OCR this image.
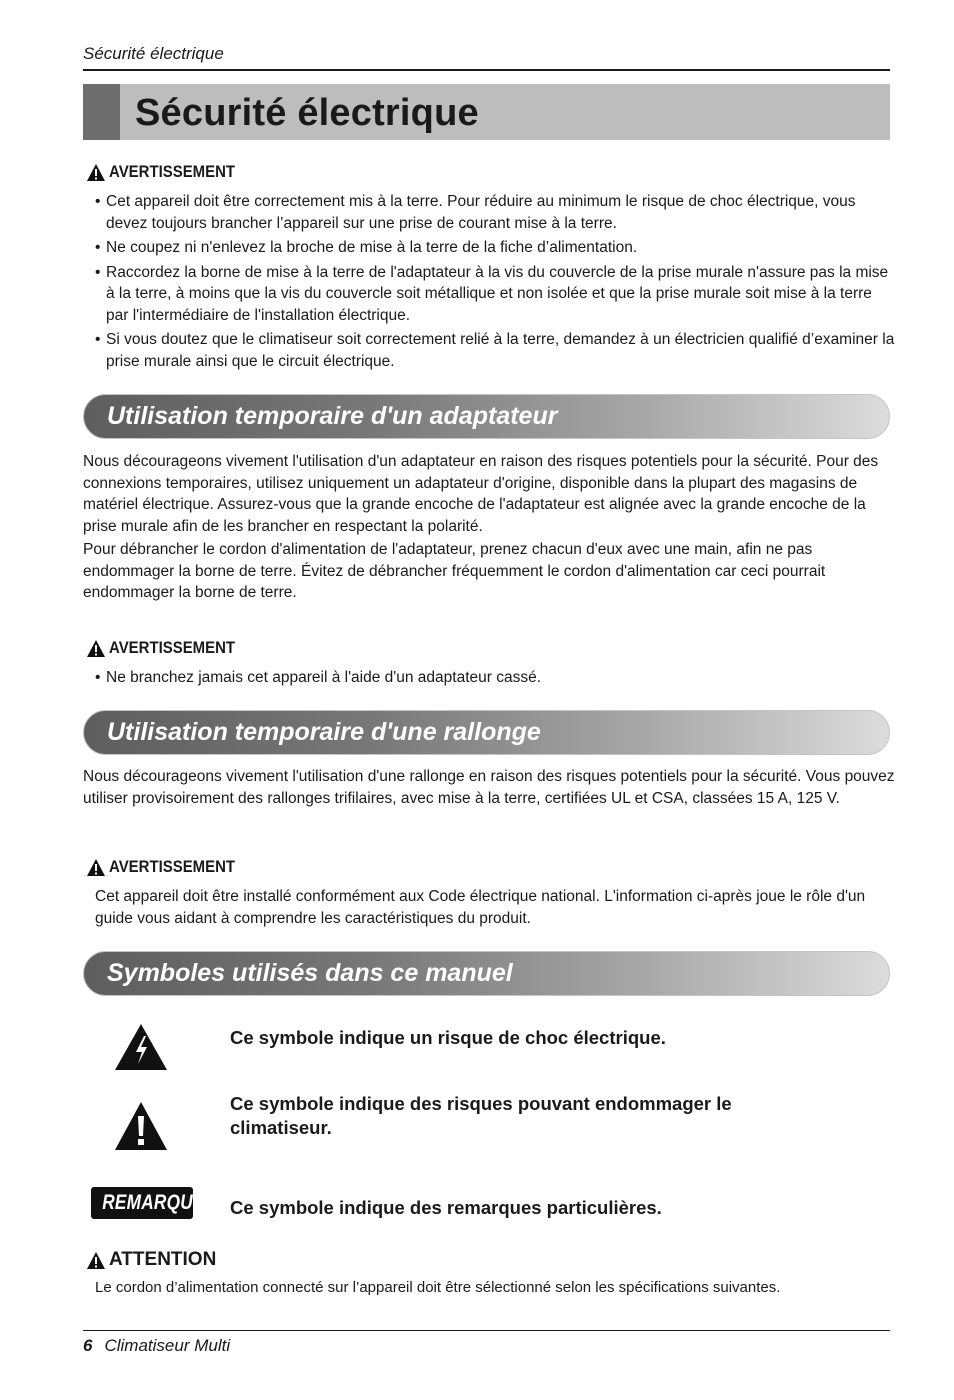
Sécurité électrique
Sécurité électrique
AVERTISSEMENT
• Cet appareil doit être correctement mis à la terre. Pour réduire au minimum le risque de choc électrique, vous devez toujours brancher l’appareil sur une prise de courant mise à la terre.
• Ne coupez ni n'enlevez la broche de mise à la terre de la fiche d’alimentation.
• Raccordez la borne de mise à la terre de l'adaptateur à la vis du couvercle de la prise murale n'assure pas la mise à la terre, à moins que la vis du couvercle soit métallique et non isolée et que la prise murale soit mise à la terre par l'intermédiaire de l'installation électrique.
• Si vous doutez que le climatiseur soit correctement relié à la terre, demandez à un électricien qualifié d’examiner la prise murale ainsi que le circuit électrique.
Utilisation temporaire d'un adaptateur

Nous décourageons vivement l'utilisation d'un adaptateur en raison des risques potentiels pour la sécurité. Pour des connexions temporaires, utilisez uniquement un adaptateur d'origine, disponible dans la plupart des magasins de matériel électrique. Assurez-vous que la grande encoche de l'adaptateur est alignée avec la grande encoche de la prise murale afin de les brancher en respectant la polarité.

Pour débrancher le cordon d'alimentation de l'adaptateur, prenez chacun d'eux avec une main, afin ne pas endommager la borne de terre. Évitez de débrancher fréquemment le cordon d'alimentation car ceci pourrait endommager la borne de terre.

AVERTISSEMENT
• Ne branchez jamais cet appareil à l'aide d'un adaptateur cassé.
Utilisation temporaire d'une rallonge

Nous décourageons vivement l'utilisation d'une rallonge en raison des risques potentiels pour la sécurité. Vous pouvez utiliser provisoirement des rallonges trifilaires, avec mise à la terre, certifiées UL et CSA, classées 15 A, 125 V.

AVERTISSEMENT

Cet appareil doit être installé conformément aux Code électrique national. L'information ci-après joue le rôle d'un guide vous aidant à comprendre les caractéristiques du produit.

Symboles utilisés dans ce manuel
Ce symbole indique un risque de choc électrique.
Ce symbole indique des risques pouvant endommager le climatiseur.
REMARQUE Ce symbole indique des remarques particulières.
ATTENTION
Le cordon d’alimentation connecté sur l’appareil doit être sélectionné selon les spécifications suivantes.
6 Climatiseur Multi
